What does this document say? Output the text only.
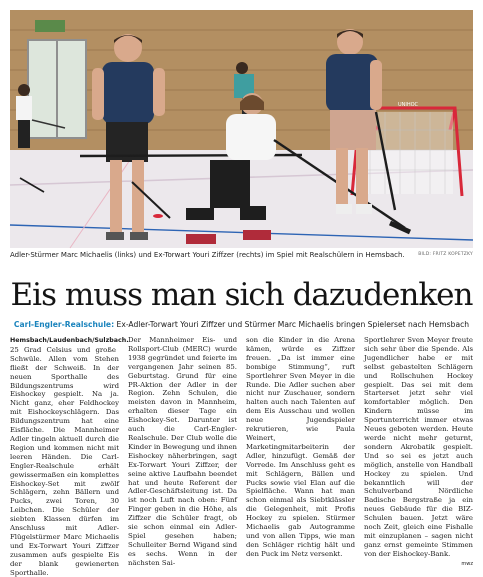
UNIHOC
Adler-Stürmer Marc Michaelis (links) und Ex-Torwart Youri Ziffzer (rechts) im Spiel mit Realschülern in Hemsbach.	BILD: FRITZ KOPETZKY
Eis muss man sich dazudenken
Carl-Engler-Realschule: Ex-Adler-Torwart Youri Ziffzer und Stürmer Marc Michaelis bringen Spielerset nach Hemsbach

Hemsbach/Laudenbach/Sulzbach. 25 Grad Celsius und große Schwüle. Allen vom Stehen fließt der Schweiß. In der neuen Sporthalle des Bildungszentrums wird Eishockey gespielt. Na ja. Nicht ganz, eher Feldhockey mit Eishockeyschlägern. Das Bildungszentrum hat eine Eisfläche. Die Mannheimer Adler tingeln aktuell durch die Region und kommen nicht mit leeren Händen. Die Carl-Engler-Realschule erhält gewissermaßen ein komplettes Eishockey-Set mit zwölf Schlägern, zehn Bällern und Pucks, zwei Toren, 30 Leibchen. Die Schüler der siebten Klassen dürfen im Anschluss mit Adler-Flügelstürmer Marc Michaelis und Ex-Torwart Youri Ziffzer zusammen aufs gespielte Eis der blank gewienerten Sporthalle.

Der Mannheimer Eis- und Rollsport-Club (MERC) wurde 1938 gegründet und feierte im vergangenen Jahr seinen 85. Geburtstag. Grund für eine PR-Aktion der Adler in der Region. Zehn Schulen, die meisten davon in Mannheim, erhalten dieser Tage ein Eishockey-Set. Darunter ist auch die Carl-Engler-Realschule. Der Club wolle die Kinder in Bewegung und ihnen Eishockey näherbringen, sagt Ex-Torwart Youri Ziffzer, der seine aktive Laufbahn beendet hat und heute Referent der Adler-Geschäftsleitung ist. Da ist noch Luft nach oben: Fünf Finger geben in die Höhe, als Ziffzer die Schüler fragt, ob sie schon einmal ein Adler-Spiel gesehen haben; Schulleiter Bernd Wigand sind es sechs. Wenn in der nächsten Sai-

son die Kinder in die Arena kämen, würde es Ziffzer freuen. „Da ist immer eine bombige Stimmung“, ruft Sportlehrer Sven Meyer in die Runde. Die Adler suchen aber nicht nur Zuschauer, sondern halten auch nach Talenten auf dem Eis Ausschau und wollen neue Jugendspieler rekrutieren, wie Paula Weinert, Marketingmitarbeiterin der Adler, hinzufügt. Gemäß der Vorrede. Im Anschluss geht es mit Schlägern, Bällen und Pucks sowie viel Elan auf die Spielfläche. Wann hat man schon einmal als Siebtklässler die Gelegenheit, mit Profis Hockey zu spielen. Stürmer Michaelis gab Autogramme und von allen Tipps, wie man den Schläger richtig hält und den Puck im Netz versenkt.

Sportlehrer Sven Meyer freute sich sehr über die Spende. Als Jugendlicher habe er mit selbst gebastelten Schlägern und Rollschuhen Hockey gespielt. Das sei mit dem Starterset jetzt sehr viel komfortabler möglich. Den Kindern müsse im Sportunterricht immer etwas Neues geboten werden. Heute werde nicht mehr geturnt, sondern Akrobatik gespielt. Und so sei es jetzt auch möglich, anstelle von Handball Hockey zu spielen. Und bekanntlich will der Schulverband Nördliche Badische Bergstraße ja ein neues Gebäude für die BIZ-Schulen bauen. Jetzt wäre noch Zeit, gleich eine Fishalle mit einzuplanen – sagen nicht ganz ernst gemeinte Stimmen von der Eishockey-Bank.

mwz
